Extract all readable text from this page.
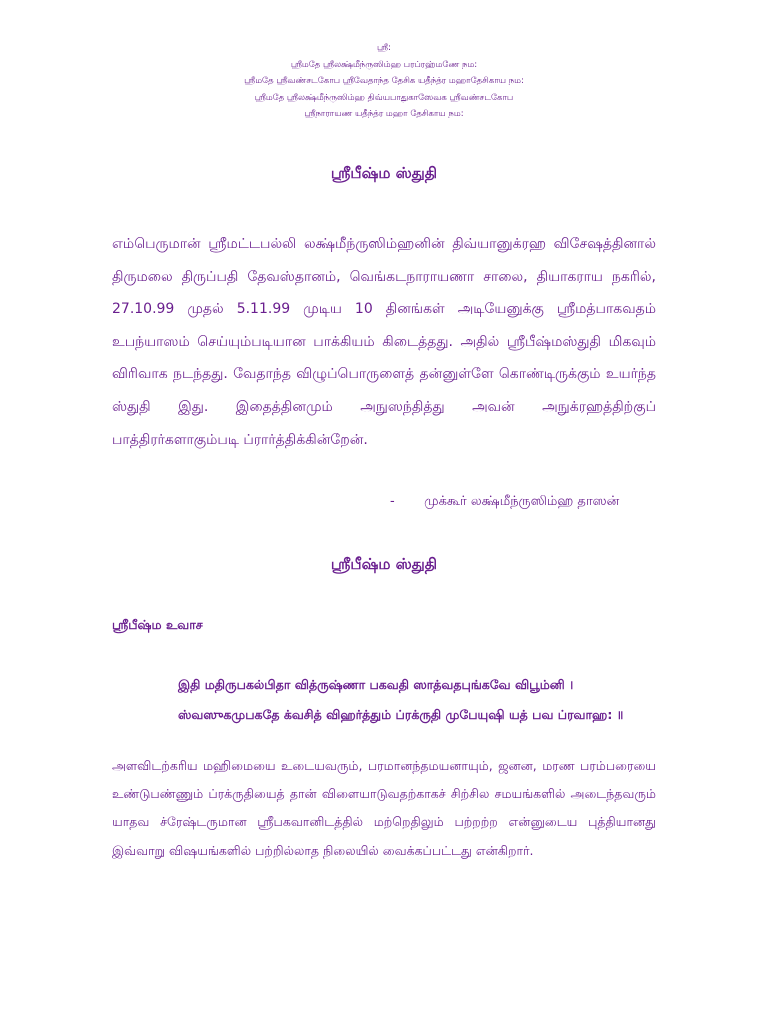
ஸ்ரீ:
ஸ்ரீமதே ஸ்ரீலக்ஷ்மீந்ருஸிம்ஹ பரப்ரஹ்மணே நம:
ஸ்ரீமதே ஸ்ரீவண்சடகோப ஸ்ரீவேதாந்த தேசிக யதீந்த்ர மஹாதேசிகாய நம:
ஸ்ரீமதே ஸ்ரீலக்ஷ்மீந்ருஸிம்ஹ திவ்யபாதுகாஸேவக ஸ்ரீவண்சடகோப
ஸ்ரீநாராயண யதீந்த்ர மஹா தேசிகாய நம:
ஸ்ரீபீஷ்ம ஸ்துதி

எம்பெருமான் ஸ்ரீமட்டபல்லி லக்ஷ்மீந்ருஸிம்ஹனின் திவ்யானுக்ரஹ விசேஷத்தினால் திருமலை திருப்பதி தேவஸ்தானம், வெங்கடநாராயணா சாலை, தியாகராய நகரில், 27.10.99 முதல் 5.11.99 முடிய 10 தினங்கள் அடியேனுக்கு ஸ்ரீமத்பாகவதம் உபந்யாஸம் செய்யும்படியான பாக்கியம் கிடைத்தது. அதில் ஸ்ரீபீஷ்மஸ்துதி மிகவும் விரிவாக நடந்தது. வேதாந்த விழுப்பொருளைத் தன்னுள்ளே கொண்டிருக்கும் உயர்ந்த ஸ்துதி இது. இதைத்தினமும் அநுஸந்தித்து அவன் அநுக்ரஹத்திற்குப் பாத்திரர்களாகும்படி ப்ரார்த்திக்கின்றேன்.

- முக்கூர் லக்ஷ்மீந்ருஸிம்ஹ தாஸன்
ஸ்ரீபீஷ்ம ஸ்துதி
ஸ்ரீபீஷ்ம உவாச
இதி மதிருபகல்பிதா வித்ருஷ்ணா பகவதி ஸாத்வதபுங்கவே விபூம்னி ।
ஸ்வஸுகமுபகதே க்வசித் விஹர்த்தும் ப்ரக்ருதி முபேயுஷி யத் பவ ப்ரவாஹ: ॥

அளவிடற்கரிய மஹிமையை உடையவரும், பரமானந்தமயனாயும், ஜனன, மரண பரம்பரையை உண்டுபண்ணும் ப்ரக்ருதியைத் தான் விளையாடுவதற்காகச் சிற்சில சமயங்களில் அடைந்தவரும் யாதவ ச்ரேஷ்டருமான ஸ்ரீபகவானிடத்தில் மற்றெதிலும் பற்றற்ற என்னுடைய புத்தியானது இவ்வாறு விஷயங்களில் பற்றில்லாத நிலையில் வைக்கப்பட்டது என்கிறார்.
